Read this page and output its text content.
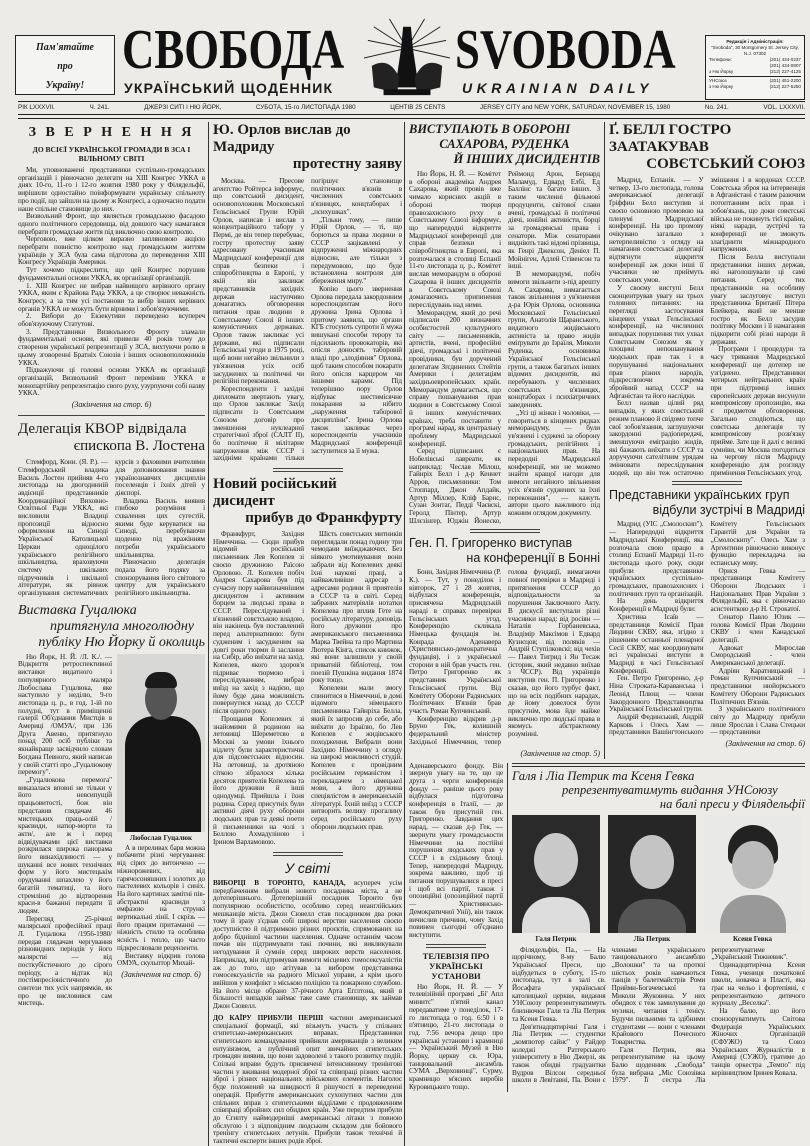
Пам'ятайте
про
Україну!
СВОБОДА
УКРАЇНСЬКИЙ ЩОДЕННИК
SVOBODA
UKRAINIAN DAILY
Редакція і Адміністрація:
"Svoboda", 30 Montgomery St. Jersey City, N.J. 07302
Телефони:	(201) 434-0237
(201) 434-0807
з Ню Йорку	(212) 227-4125
УНСоюз	(201) 451-2200
з Ню Йорку	(212) 227-5250
РІК LXXXVII.	Ч. 241.	ДЖЕРЗІ СИТІ І НЮ ЙОРК,	СУБОТА, 15-го ЛИСТОПАДА 1980	ЦЕНТІВ 25 CENTS	JERSEY CITY and NEW YORK, SATURDAY, NOVEMBER 15, 1980	No. 241.	VOL. LXXXVII.
З В Е Р Н Е Н Н Я
ДО ВСІЄЇ УКРАЇНСЬКОЇ ГРОМАДИ В ЗСА І ВІЛЬНОМУ СВІТІ

Ми, уповноважені представники суспільно-громадських організацій і рівночасно делегати на XIII Конгрес УККА в днях 10-го, 11-го і 12-го жовтня 1980 року у Філядельфії, вирішили одностайно поінформувати українську спільноту про події, що зайшли на цьому ж Конгресі, а одночасно подати наше спільне становище до них.

Визвольний Фронт, що являється громадською фасадою одного політичного середовища, від довшого часу намагався перебрати громадське життя під виключно свою контролю.

Черговою, вже цілком виразно запляновою акцією перебрати повністю контролю над громадським життям українців у ЗСА була сама підготова до переведення XIII Конгресу Українців Америки.

Тут хочемо підкреслити, що цей Конгрес порушив фундаментальні основи УККА, як організації організацій.

1. XIII Конгрес не вибрав найвищого керівного органу УККА, яким є Крайова Рада УККА, а це створює неважність Конгресу, а за тим усі постанови та вибір інших керівних органів УККА не можуть бути вірними і зобов'язуючими.

2. Вибори до Екзекутиви переведено всупереч обов'язуючому Статутові.

3. Представники Визвольного Фронту зламали фундаментальні основи, які привели 40 років тому до створення української репрезентації у ЗСА, вихтуючи ролю в цьому зговоренні Братніх Союзів і інших основоположників УККА.

Підважуючи ці головні основи УККА як організації організацій, Визвольний Фронт перемінив УККА в монопартійну репрезентацію свого руху, узурпуючи собі назву УККА.

(Закінчення на стор. 6)
Делегація КВОР відвідала
єпископа В. Лостена

Стемфорд, Конн. (Я. Р.). — Стемфордський владика Василь Лостен прийняв 4-го листопада на двогодинній авдієнції представників Координаційної Виховно-Освітньої Ради УККА, які висловили Владиці пропозиції відносно оформлення на Синоді Української Католицької Церкви одноцілого українського релігійного шкільництва, враховуючи систему шкільних підручників і шкільної літератури, як рівнож організування систематичних курсів з фаховими вчителями для доповнювання знання українознавчих дисциплін поселенців і їхніх дітей у діяспорі.

Владика Василь виявив глибоке розуміння і схвалення цих сугестій, якими буде керуватися на Синоді, перебуваючи щоденно під вражінням потреби українського шкільництва.

Рівночасно делегація подала його подяку за спонзорування його світового центру для українського релігійного шкільництва.

Виставка Гуцалюка
притягнула многолюдну
публіку Ню Йорку й околиць

Ню Йорк, Н. Й. /Л. К./. — Відкриття ретроспективної виставки видатного і популярного маляра Любослава Гуцалюка, яке наступило у неділю, 9-го листопада ц. р., в год. 1-ій по полудні, тут в приміщенні галерії Об'єднання Мистців в Америці /ОМУА/, при 136 Друга Авеню, притягнуло понад 200 осіб публіки та якнайкраще засвідчило словам Богдана Певного, який написав у своїй статті про „Гуцалюкову перемогу".

„Гуцалюкова перемога" виказалася вповні не тільки у його невсипущій працьовитості, бож він представив глядачам 46 мистецьких праць-олій /краєвиди, натюр-морти та акти/, але ж і перед відвідувачами цієї виставки розкрилася широка панорама його винахідливості — у шуканні все нових технічних форм у його мистецькім орудуванні шпахлею у його багатій тематиці, та його стремлінні до відтворення краси-в бажанні передати її людям.

Перегляд 25-річної малярської професійної праці Л. Гуцалюка /1956-1980/ передав глядачам чергування різновидних періодів у його малярстві — від посткубістичного до сірого періоду, а відтак від постімпресіоністичного до синтези тих усіх напрямків, як про це висловився сам мистець.

Любослав Гуцалюк

А в переливах барв можна побачити різні чергування: від сірих до витонченo — ніжнорожевих, від гарячосоняшних і золотих до пастелевих кольорів і синіх. На його картинах замітні пів-абстрактні красвиди з емфазою на стрункі вертикальні лінії. І скрізь — його працям притаманні — ніжність стилю та особлива ясність і тепло, що часто підкреслювали рецензенти.

Виставку відкрив голова ОМУА, скульптор Михай-

(Закінчення на стор. 6)
Ю. Орлов вислав до Мадриду
протестну заяву

Москва. — Пресове агентство Ройтерса інформує, що совєтський дисидент, основоположник Московської Гельсінської Групи Юрій Орлов, написав і вислав з концентраційного табору у Пермі, де він тепер перебуває, гостру протестну заяву адресовану учасникам Мадридської конференції для справ безпеки і співробітництва в Европі, у якій він закликає представників західніх держав наступчиво домагатись обговорення питання прав людини в Совєтському Союзі й інших комуністичних державах. Орлов також закликає усі держави, які підписали Гельсінські угоди в 1975 році, щоб вони негайно звільнили з ув'язнення усіх осіб засуджених за політичні чи релігійні переконання.

Кореспонденти і західні дипломати звертають увагу, що Орлов закликає Захід підписати із Совєтським Союзом договір про зменшення нуклеарної стратегічної зброї (САЛТ II), бо політичне й мілітарне напруження між СССР і західніми країнами тільки погіршує становище політичних в'язнів в численних совєтських в'язницях, концтаборах і „психушках".

„Тільки тому, — пише Юрій Орлов, — ті, що борються за права людини в СССР зацікавлені у відпруженні міжнародних відносин, але тільки з передумовою, що буде встановлена контроля для збереження миру."

Копію цього звернення Орлова передала закордонним кореспондентам його дружина Ірина Орлова і притому заявила, що органи КГБ стосують супроти її мужа вишукані способи терору та підсилають провокаторів, які опісля доносять таборовій владі про „злодіяння" Орлова, щоб таким способом покарати його опісля карцером чи іншими карами. Під теперішню пору Орлов відбуває шестимісячне покарання за нібито „наруження таборової дисципліни". Ірина Орлова також закликає через кореспондентів учасників Мадридської конференції заступитися за її мужа.

Новий російський дисидент
прибув до Франкфурту

Франкфурт, Західня Німеччина. — Сюди прибув відомий російський письменник Лев Копелев зі своєю дружиною Раїсою Орловою. Л. Копелев побіч Андрея Сахарова був під сучасну пору найвизначнішим дисидентом і активним борцем за людські права в СССР. Переслідуваний і в'язнений совєтською владою, він накінець був поставлений перед альтернативою: бути судженим і засудженим на довгі роки тюрми й заслання на Сибір, або виїхати на захід. Копелев, якого здоров'я підриває тюрмою і переслідуванням, вибрав виїзд на захід з надією, що йому буде дана можливість повернутися назад до СССР після одного року.

Прощання Копелевих зі знайомими й родиною на летовищі Шереметєво в Москві за умови їхнього відлету були характеристичні для підсовєтських відносин. На летовищі, за дротяною сіткою зібралося кілька десяток приятелів Копелева та його дружини й інші однодумці. Прийшла і їхня родина. Серед присутніх були активні діячі руху оборони людських прав та деякі поети й письменники на чолі з Беллою Ахмадуліною і Ірином Варламовою.

Шість совєтських митників переглядали понад годину три чемодани виїжджаючих. Без ніякого умотивування вони забрали від Копелевих деякі їхні наукові праці, а найважливіше адресар з адресами родини й приятелів в СССР та в світі. Серед забраних матеріялів нотатки Копелева про вплив Гете на російську літературу, доповідь його дружини про американського письменника Марка Твейна та про Мартина Лютера Кінга, список книжок, які вони залишили у своїй приватній бібліотеці, том поезій Пушкіна видання 1874 року тощо.

Копелеви мали змогу спинитися в Німеччині, в домі відомого німецького письменника Гайнріха Белла, який їх запросив до себе, або виїхати до Ізраїлю, бо Лев Копелев є жидівського походження. Вибрали вони Західню Німеччину з огляду на широкі можливості студій. Копелев є провідним російським германістом і перекладачем з німецької мови, а його дружина спеціялістом в американській літературі. Їхній виїзд з СССР витворить велику прогалину серед російського руху оборони людських прав.

У світі

ВИБОРЦІ В ТОРОНТО, КАНАДА, всупереч усім передбаченням вибрали нового посадника міста, а не дотеперішнього. Дотеперішній посадник Торонто був популярною особистістю, особливо серед неанглійських мешканців міста. Джон Сювелл став посадником два роки тому й зразу з'єднав собі широкі верстви населення своєю доступністю й підтримкою різних проєктів, спрямованих на добро біднішої частини населення. Одначе останнім часом почав він підтримувати такі почини, які викликували негодування й сумнів серед широких верств населення. Наприклад, він підтримував вимоги місцевих гомосексуалістів аж до того, що агітував за вибором представника гомосексуалістів на радного Міської управи, а крім цього ввійшов у конфлікт з міською поліцією та пожарною службою. На його місце обрано 37-річного Арта Еґґлтона, який в більшості випадків займає таке саме становище, як займав Джон Сювелл.

ДО КАЇРУ ПРИБУЛИ ПЕРШІ частини американської спеціальної формації, які візьмуть участь у спільних єгипетсько-американських вправах. Представники єгипетського командування прийняли американців з великим ентузіязмом, а публічний опит звичайних єгипетських громадян виявив, що вони задоволені з такого розвитку подій. Спільні вправи будуть присвячені інтенсивному тренінгові частин у вживанні модерної зброї та співпраці різних частин зброї і різних національних військових елементів. Наголос буде положений на швидкості й рішучості в переведенні операцій. Прибуття американських сухопутних частин для спільних вправ з єгипетськими відділами є продовженням співпраці збройних сил обидвох країн. Уже передтим прибули до Єгипту наймодерніші американські літаки з повною обслугою і з відповідним людським складом для бойового тренінгу єгипетських летунів. Прибули також технічні й тактичні експерти інших родів зброї.

ВИСТУПАЮТЬ В ОБОРОНІ
САХАРОВА, РУДЕНКА
Й ІНШИХ ДИСИДЕНТІВ

Ню Йорк, Н. Й. — Комітет в обороні академіка Андрея Сахарова, який провів вже чимало корисних акцій в обороні творця правозахисного руху в Совєтському Союзі інформує, що напередодні відкриття Мадридської конференції для справ безпеки і співробітництва в Европі, яка розпочалася в столиці Еспанії 11-го листопада ц. р., Комітет вислав меморандум в обороні Сахарова й інших дисидентів в Совєтському Союзі домагаючись припинення переслідувань над ними.

Меморандум, який до речі підписали 200 визначних особистостей культурного світу — письменників, артистів, вчені, професійні діячі, громадські і політичні провідники, був доручений делегатам Зґєдинених Стейтів Америки і делегаціям західньоевропейських країн. Меморандум домагається, що справу пошанування прав людини в Совєтському Союзі й інших комуністичних країнах, треба поставити у програмі нарад, як центральну проблему Мадридської конференції.

Серед підписаних є Нобелівські лавреати, як наприклад: Чеслав Мілош, Гайнріх Белл і д-р Кеннет Арров, письменники: Том Стоппард, Джон Апдайк, Артур Міллер, Кліф Барнс, Сузан Зонтаґ, Педді Чаєвскі, Геролд Пінтер, Артур Шлєзінґер, Юджін Йонеско, Реймонд Арон, Бернард Маламуд, Едвард Елбі, Ед Баллінс та багато інших. З таким численні фільмові продуценти, світової слави вчені, громадські й політичні діячі, юнійні активісти, борці за громадянські права і сенатори. Між сенаторами видніють такі відомі прізвища, як Генрі Джексон, Деніел П. Мойніген, Адлей Стівенсон та інші.

В меморандумі, побіч вимоги звільнити з-під арешту А. Сахарова, вимагається також звільнення з ув'язнення д-ра Юрія Орлова, основника Московської Гельсінської групи, Анатолія Щаранського, видатного жидівського активіста за право жидів еміґрувати до Ізраїля, Миколи Руденка, основника Української Гельсінської групи, а також багатьох інших відомих дисидентів, які перебувають у численних совєтських в'язницях, концтаборах і психіатричних заведеннях.

„Усі ці жінки і чоловіки, — говориться в кінцевих рядках меморандуму, — були ув'язнені і суджені за оборону громадських, релігійних і національних прав. На передодні Мадридської конференції, ми не можемо знайти кращої нагоди для вимоги негайного звільнення усіх в'язнів суджених за їхні переконання", — кажуть автори цього важливого під кожним оглядом документу.

Ген. П. Григоренко виступав
на конференції в Бонні

Бонн, Західня Німеччина (Р. К.). — Тут, у понеділок і вівторок, 27 і 28 жовтня, відбулася конференція, присвячена Мадридській нараді в справах перевірки Гельсінських угод. Конференцію скликала Німецька фундація ім. Конрада Аденавера (Християнсько-демократична фундація), і з української сторони в ній брав участь ген. Петро Григоренко як представник Української Гельсінської групи. Від Комітету Оборони Радянських Політичних В'язнів брав участь Роман Купчинський.

Конференцію відкрив д-р Бруно Гек, колишній федеральний міністер Західньої Німеччини, тепер голова фундації, вимагаючи повної перевірки в Мадриді і притягнення СССР до відповідальности за порушення Заключного Акту. В дискусії виступали різні учасники нарад: від росіян — Наталія Горбаневська, Владімір Максімов і Едвард Кузнєцов; від поляків — Андрій Ступілковскі; від чехів — Павел Тиґрид і Ян Тесаж (історик, який недавно виїхав з ЧССР). Від українців виступив ген. П. Григоренко і сказав, що його турбує факт, що на всіх подібних нарадах, де йому довелося бути присутнім, мова йде майже виключно про людські права в якомусь абстрактному розумінні.

(Закінчення на стор. 5)
Ґ. БЕЛЛ ГОСТРО ЗААТАКУВАВ
СОВЄТСЬКИЙ СОЮЗ

Мадрид, Еспанія. — У четвер, 13-го листопада, голова американської делегації Ґріффин Белл виступив зі своєю основною промовою на пленумі Мадридської конференції. На цю промову очікувано загально з нетерпеливістю з огляду на намагання совєтської делегації відтягнути відкриття конференції аж доки інші її учасники не приймуть совєтських умов.

У своєму виступі Белл сконцентрував увагу на трьох головних питаннях: на перегляді застосування кінцевих ухвал Гельсінської конференції, на численних випадках порушення тих ухвал Совєтським Союзом як у площині непошанування людських прав так і в порушуванні національних прав різних народів, підкреслюючи зокрема збройний напад СССР на Афганістан та його наслідки.

Белл назвав цілий ряд випадків, у яких совєтський режим планово й свідомо топче свої зобов'язання, заглушуючи закордонні радіопередачі, зменшуючи еміграцію жидів, які бажають виїхати з СССР та доручуючи сателітним урядам змінювати переслідування людей, що він теж остаточно змішання і в кордонах СССР. Совєтська зброя на інтервенція в Афганістані є таким разючим потоптанням всіх прав і зобов'язань, що доки совєтські війська не покинуть тієї країни, ніякі наради, зустрічі та конференції не зможуть злагіднити міжнародного напруження.

Після Белла виступали представники інших держав, які наголошували ці самі питання. Серед тих представників на особливу увагу заслуговує виступ представника Британії Пітера Блейкера, який не менше гостро як Белл засудив політику Москви і її намагання підкорити собі різні народи й держави.

Програми і процедури та часу тривання Мадридської конференції ще дотепер не узгіднено. Представники чотирьох нейтральних країн при підтримці інших європейських держав висунули компромісову пропозицію, яка є предметом обговорення. Загально сподіються, що совєтська делегація ту компромісову розв'язку прийме. Зате ще й далі є великі сумніви, чи Москва погодиться на чергову після Мадриду конференцію для розгляду примінення Гельсінських угод.

Представники українських груп
відбули зустрічі в Мадриді

Мадрид (УІС „Смолоскип"). — Напередодні відкриття Мадридської Конференції, яка розпочала свою працю в столиці Еспанії Мадриді 11-го листопада цього року, сюди прибули представники українських суспільно-громадських, правозахисних і політичних груп та організацій.

На день відкриття Конференції в Мадриді були:

Христина Ісаїв — представниця Комісії Прав Людини СКВУ, яка, згідно з рішенням останньої пленарної Сесії СКВУ, має координувати всі українські виступи в Мадриді в часі Гельсінської Конференції.

Ген. Петро Григоренко, д-р Ніна Строката-Караванська і Леонід Плющ — члени Закордонного Представництва Української Гельсінської групи.

Андрій Фединський, Андрій Карковь і Олесь Хам — представники Вашінгтонського Комітету Гельсінських Гарантій для України та „Смолоскипу". Олесь Хам з Аргентини рівночасно виконує функцію перекладача на еспанську мову.

Орися Гевка — представниця Комітету Оборони Людських і Національних Прав України з Філядельфії, яка є рівночасно асистенткою д-р Н. Строкатої.

Сенатор Павло Юзик — голова Комісії Прав Людини СКВУ і член Канадської делегації.

Адвокат Мирослав Смородський - член Американської делегації.

Адріян Каратницький і Роман Купчинський — представники нюйоркського Комітету Оборони Радянських Політичних В'язнів.

З українського політичного світу до Мадриду прибули лише Ярослав і Слава Стецьки — представники

(Закінчення на стор. 6)

Аденаверського фонду. Він звернув увагу на те, що це друга з черги конференція фонду — раніше цього року відбулася підготовча конференція в Італії, — де також був присутній ген. Григоренко. Завдання цих нарад, — сказав д-р Гек, — звернути увагу громадськости Німеччини на постійні порушення людських прав у СССР і в східньому блоці. Тепер, напередодні Мадриду, зокрема важливо, щоб ці питання порушувалися в пресі і щоб всі партії, також і опозиційні (опозиційної партії — Християнсько-Демократичної Унії), він також вичислив причини, чому Захід повинен сьогодні об'єднано виступити.

ТЕЛЕВІЗІЯ ПРО УКРАЇНСЬКІ УСТАНОВИ

Ню Йорк, Н. Й. — У телевізійній програмі „Бі' Апл минитс" п'ятий канал передаватиме у понеділок, 17-го листопада о год. 6:50 і в п'ятницю, 21-го листопада о год. 7:56 вечора дещо про українські установи і крамниці — Український Музей в Ню Йорку, церкву св. Юра, танцювальний ансамбль СУМА „Верховинці", Сурму, крамницю м'ясних виробів Куровицького тощо.

Галя і Ліа Петрик та Ксеня Гевка
репрезентуватимуть видання УНСоюзу
на балі преси у Філядельфії
Галя Петрик	Ліа Петрик	Ксеня Гевка

Філядельфія, Па., — На щорічному, 8-му Балю Української Преси, що відбудеться в суботу, 15-го листопада, тут в залі св. Йосафата української католицької церкви, видання УНСоюзу репрезентуватимуть близнючки Галя та Ліа Петрик та Ксеня Гевка.

Дев'ятнадцятирічні Галя і Ліа Петрик — студентки „компютер сайнс" у Райдер коледжі Ратгерського університету в Ню Джерзі, як також обидві градуантки Вудров Вілсон середньої школи в Левітавні, Па. Вони є членами українського танцювального ансамблю „Волошки" та на протязі шістьох років навчаються танців у балетмайстрів Роми Прийми-Богачевської та Миколи Жуковина. У них обидвох є теж замилування до музики, читання і тенісу. Будучи пильними та здібними студентами — вони є членами Крайового Почесного Товариства.

Галя Петрик, яка репрезентуватиме на цьому Балю щоденник „Свобода" була вибрана „Міс Союзівка 1979". Її сестра Ліа репрезентуватиме „Український Тижневик".

Одинадцятирічна Ксеня Гевка, учениця початкової школи, новачка в Пласті, яка грає на чельо і фортепіяні, є репрезентанткою дитячого журналу „Веселка".

На балю, що його спонзоруватимуть Світова Федерація Українських Жіночих Організацій (СФУЖО) та Союз Українських Журналістів в Америці (СУЖО), гратиме до танців оркестра „Темпо" під керівництвом Іринея Ковала.
